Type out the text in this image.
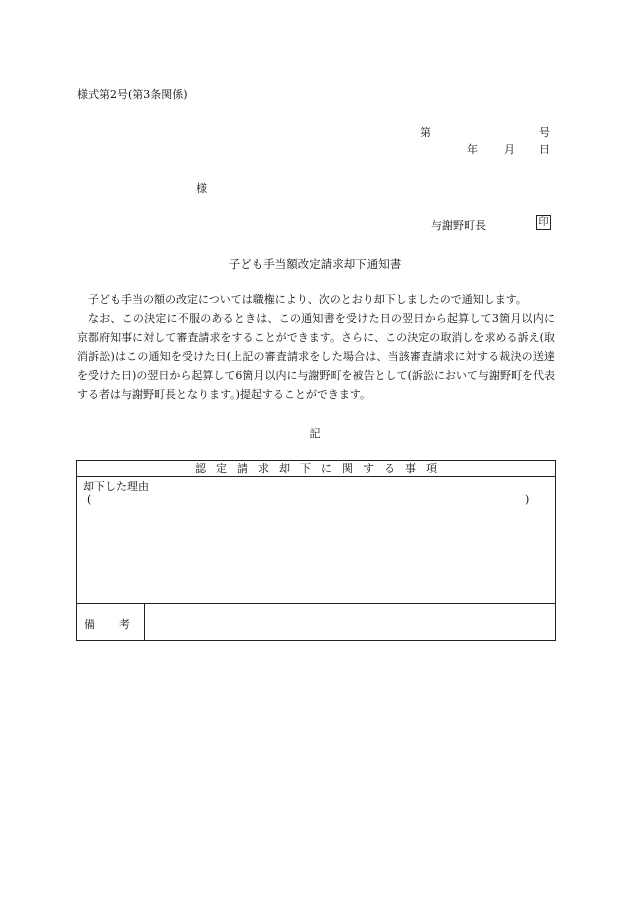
様式第2号(第3条関係)
第	号
年 月 日
様
与謝野町長	印
子ども手当額改定請求却下通知書

子ども手当の額の改定については職権により、次のとおり却下しましたので通知します。

なお、この決定に不服のあるときは、この通知書を受けた日の翌日から起算して3箇月以内に京都府知事に対して審査請求をすることができます。さらに、この決定の取消しを求める訴え(取消訴訟)はこの通知を受けた日(上記の審査請求をした場合は、当該審査請求に対する裁決の送達を受けた日)の翌日から起算して6箇月以内に与謝野町を被告として(訴訟において与謝野町を代表する者は与謝野町長となります。)提起することができます。

記
認定請求却下に関する事項
却下した理由
(	)
備考
